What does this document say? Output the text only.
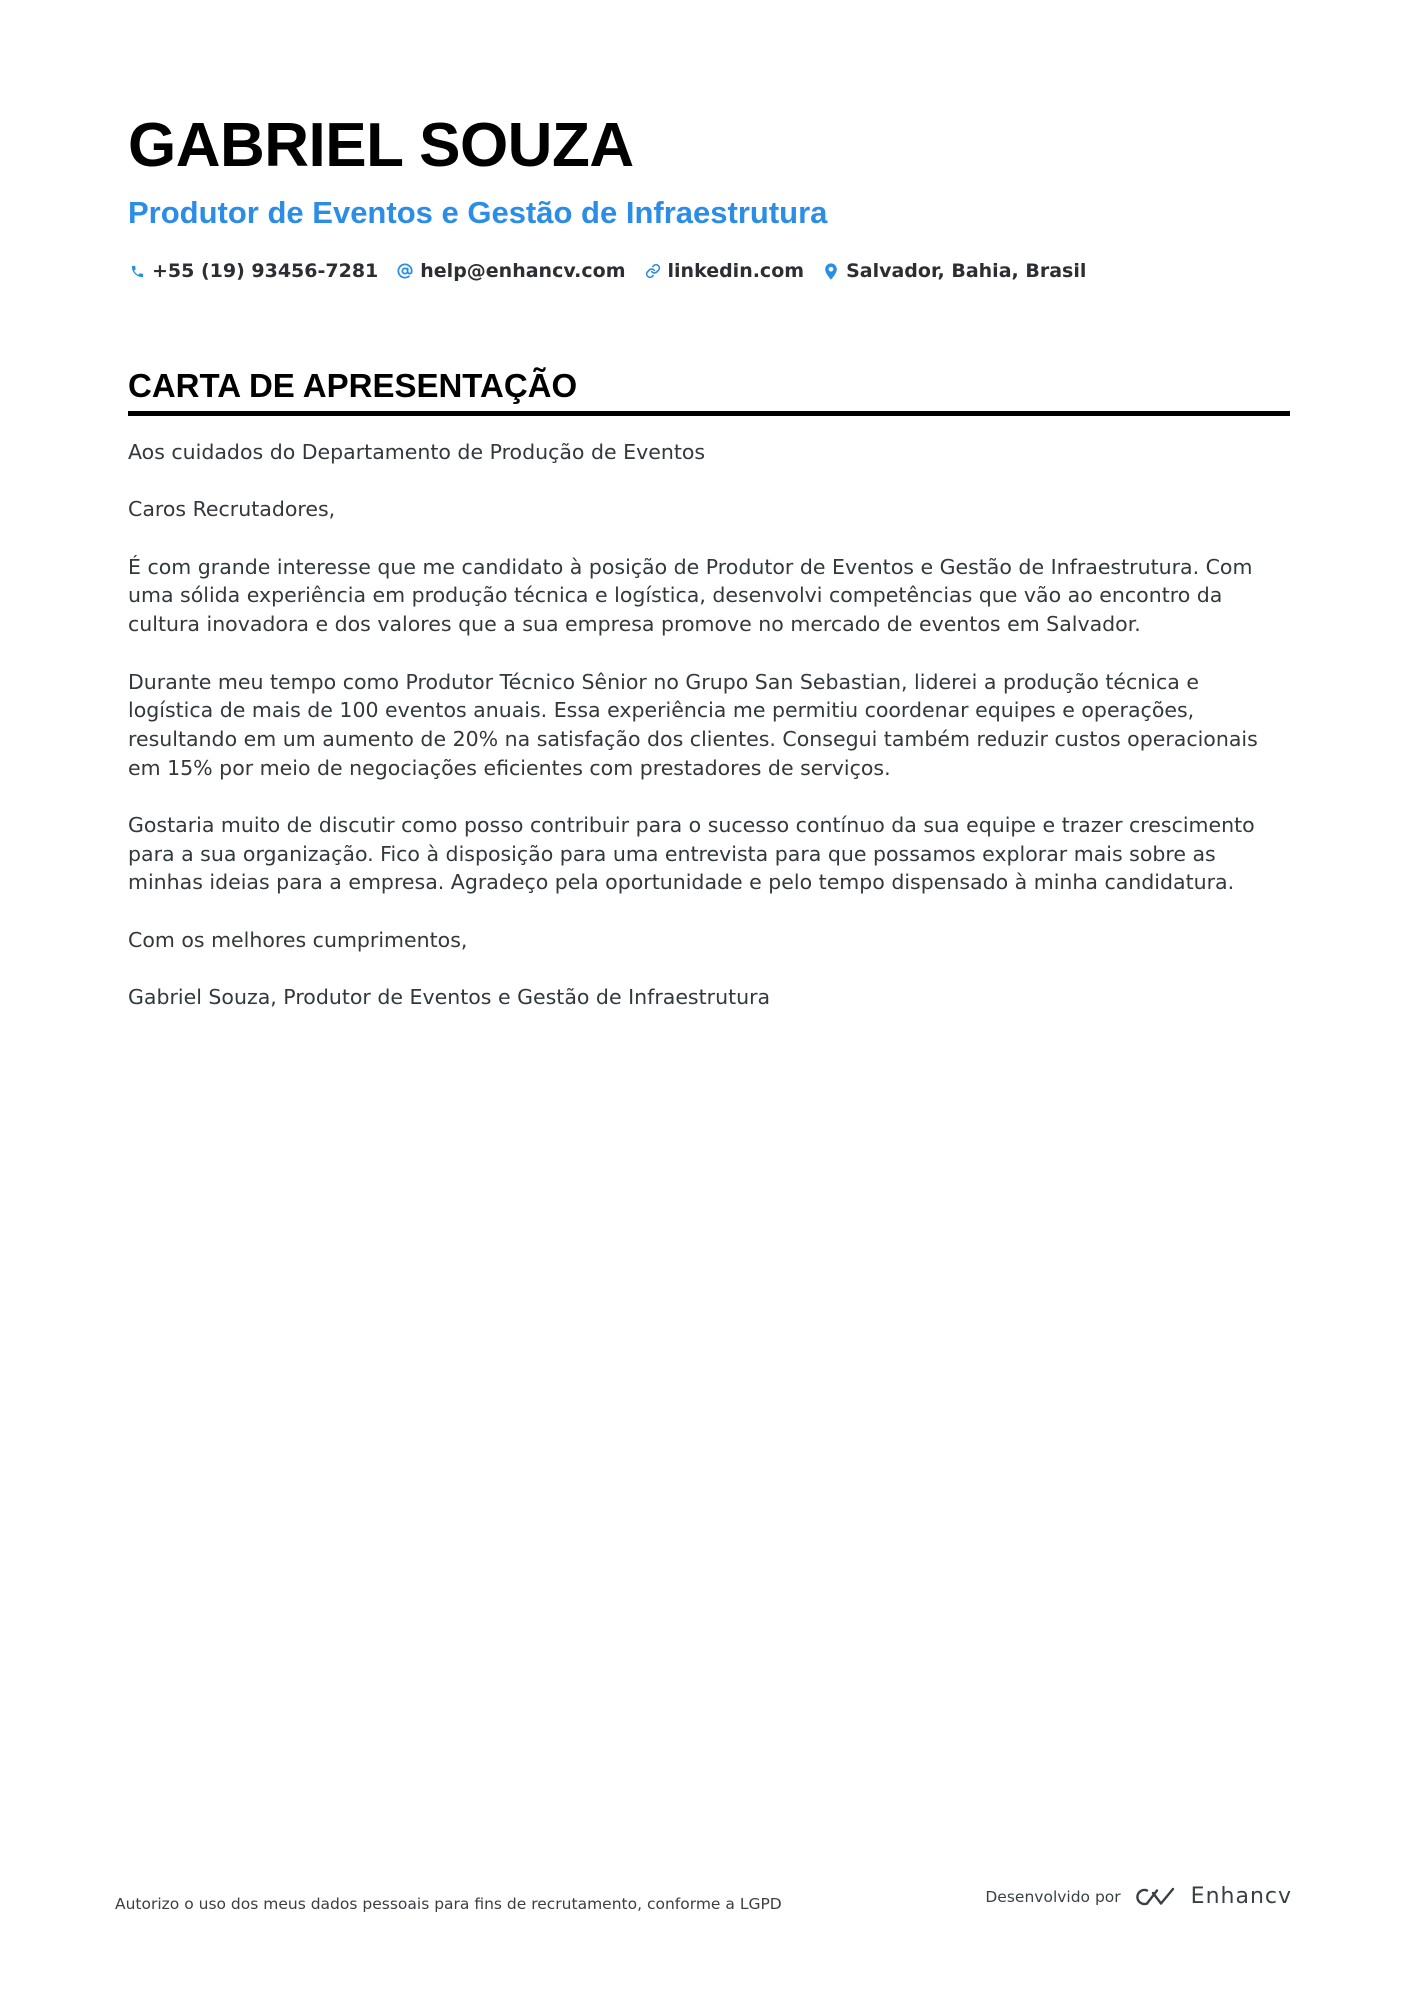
GABRIEL SOUZA
Produtor de Eventos e Gestão de Infraestrutura
+55 (19) 93456-7281 help@enhancv.com linkedin.com Salvador, Bahia, Brasil
CARTA DE APRESENTAÇÃO

Aos cuidados do Departamento de Produção de Eventos

Caros Recrutadores,

É com grande interesse que me candidato à posição de Produtor de Eventos e Gestão de Infraestrutura. Com uma sólida experiência em produção técnica e logística, desenvolvi competências que vão ao encontro da cultura inovadora e dos valores que a sua empresa promove no mercado de eventos em Salvador.

Durante meu tempo como Produtor Técnico Sênior no Grupo San Sebastian, liderei a produção técnica e logística de mais de 100 eventos anuais. Essa experiência me permitiu coordenar equipes e operações, resultando em um aumento de 20% na satisfação dos clientes. Consegui também reduzir custos operacionais em 15% por meio de negociações eficientes com prestadores de serviços.

Gostaria muito de discutir como posso contribuir para o sucesso contínuo da sua equipe e trazer crescimento para a sua organização. Fico à disposição para uma entrevista para que possamos explorar mais sobre as minhas ideias para a empresa. Agradeço pela oportunidade e pelo tempo dispensado à minha candidatura.

Com os melhores cumprimentos,

Gabriel Souza, Produtor de Eventos e Gestão de Infraestrutura

Autorizo o uso dos meus dados pessoais para fins de recrutamento, conforme a LGPD	Desenvolvido por	Enhancv
